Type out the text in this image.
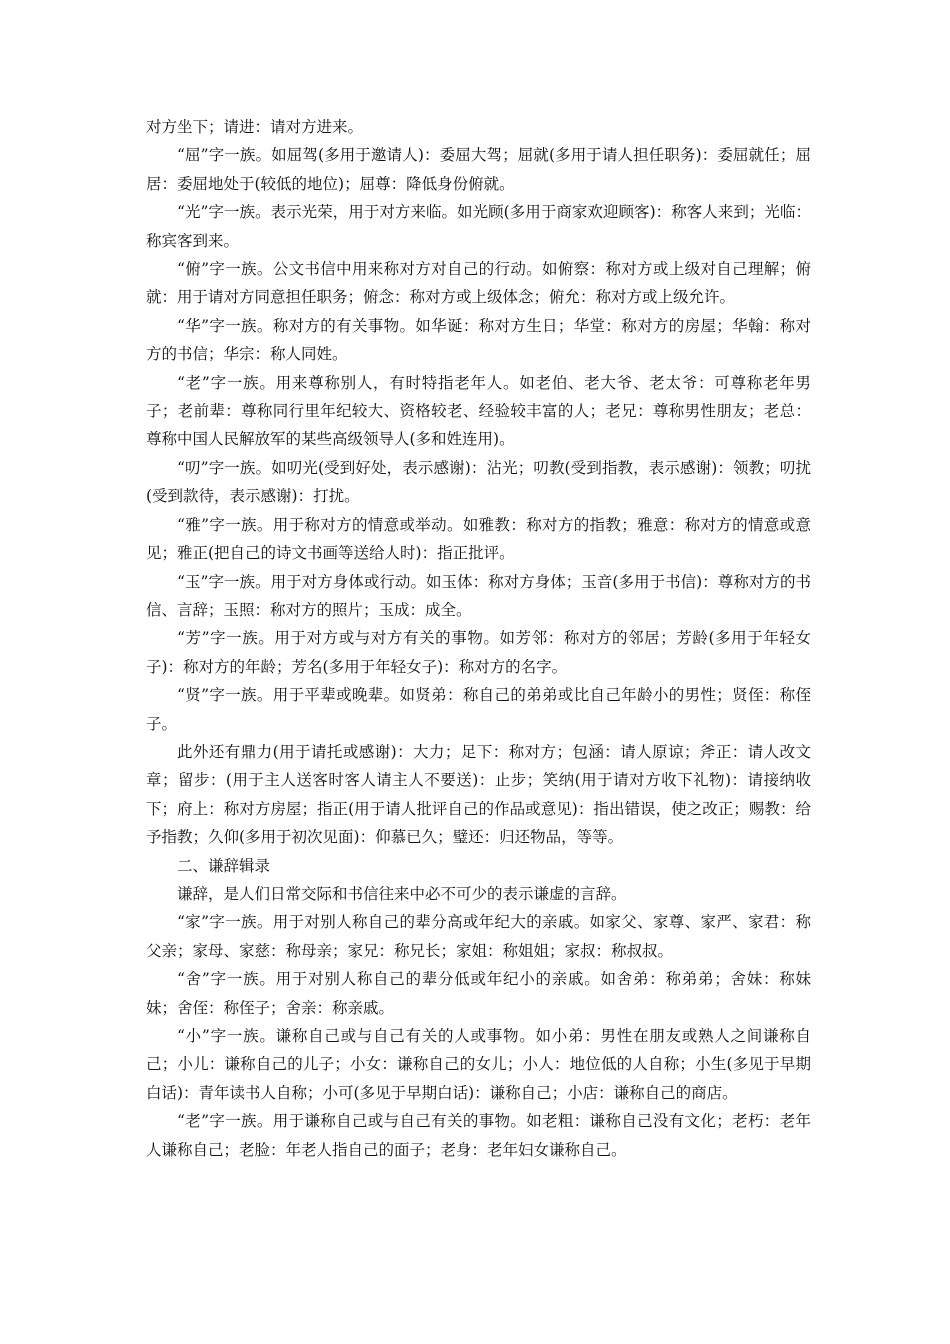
对方坐下；请进：请对方进来。

“屈”字一族。如屈驾(多用于邀请人)：委屈大驾；屈就(多用于请人担任职务)：委屈就任；屈居：委屈地处于(较低的地位)；屈尊：降低身份俯就。

“光”字一族。表示光荣，用于对方来临。如光顾(多用于商家欢迎顾客)：称客人来到；光临：称宾客到来。

“俯”字一族。公文书信中用来称对方对自己的行动。如俯察：称对方或上级对自己理解；俯就：用于请对方同意担任职务；俯念：称对方或上级体念；俯允：称对方或上级允许。

“华”字一族。称对方的有关事物。如华诞：称对方生日；华堂：称对方的房屋；华翰：称对方的书信；华宗：称人同姓。

“老”字一族。用来尊称别人，有时特指老年人。如老伯、老大爷、老太爷：可尊称老年男子；老前辈：尊称同行里年纪较大、资格较老、经验较丰富的人；老兄：尊称男性朋友；老总：尊称中国人民解放军的某些高级领导人(多和姓连用)。

“叨”字一族。如叨光(受到好处，表示感谢)：沾光；叨教(受到指教，表示感谢)：领教；叨扰(受到款待，表示感谢)：打扰。

“雅”字一族。用于称对方的情意或举动。如雅教：称对方的指教；雅意：称对方的情意或意见；雅正(把自己的诗文书画等送给人时)：指正批评。

“玉”字一族。用于对方身体或行动。如玉体：称对方身体；玉音(多用于书信)：尊称对方的书信、言辞；玉照：称对方的照片；玉成：成全。

“芳”字一族。用于对方或与对方有关的事物。如芳邻：称对方的邻居；芳龄(多用于年轻女子)：称对方的年龄；芳名(多用于年轻女子)：称对方的名字。

“贤”字一族。用于平辈或晚辈。如贤弟：称自己的弟弟或比自己年龄小的男性；贤侄：称侄子。

此外还有鼎力(用于请托或感谢)：大力；足下：称对方；包涵：请人原谅；斧正：请人改文章；留步：(用于主人送客时客人请主人不要送)：止步；笑纳(用于请对方收下礼物)：请接纳收下；府上：称对方房屋；指正(用于请人批评自己的作品或意见)：指出错误，使之改正；赐教：给予指教；久仰(多用于初次见面)：仰慕已久；璧还：归还物品，等等。

二、谦辞辑录

谦辞，是人们日常交际和书信往来中必不可少的表示谦虚的言辞。

“家”字一族。用于对别人称自己的辈分高或年纪大的亲戚。如家父、家尊、家严、家君：称父亲；家母、家慈：称母亲；家兄：称兄长；家姐：称姐姐；家叔：称叔叔。

“舍”字一族。用于对别人称自己的辈分低或年纪小的亲戚。如舍弟：称弟弟；舍妹：称妹妹；舍侄：称侄子；舍亲：称亲戚。

“小”字一族。谦称自己或与自己有关的人或事物。如小弟：男性在朋友或熟人之间谦称自己；小儿：谦称自己的儿子；小女：谦称自己的女儿；小人：地位低的人自称；小生(多见于早期白话)：青年读书人自称；小可(多见于早期白话)：谦称自己；小店：谦称自己的商店。

“老”字一族。用于谦称自己或与自己有关的事物。如老粗：谦称自己没有文化；老朽：老年人谦称自己；老脸：年老人指自己的面子；老身：老年妇女谦称自己。
